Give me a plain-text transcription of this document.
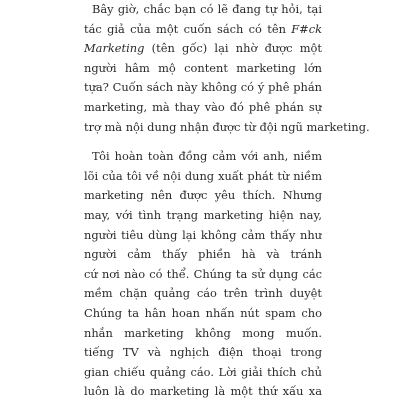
Bây giờ, chắc bạn có lẽ đang tự hỏi, tại
tác giả của một cuốn sách có tên F#ck
Marketing (tên gốc) lại nhờ được một
người hâm mộ content marketing lớn
tựa? Cuốn sách này không có ý phê phán
marketing, mà thay vào đó phê phán sự
trợ mà nội dung nhận được từ đội ngũ marketing.
Tôi hoàn toàn đồng cảm với anh, niềm
lõi của tôi về nội dung xuất phát từ niềm
marketing nên được yêu thích. Nhưng
may, với tình trạng marketing hiện nay,
người tiêu dùng lại không cảm thấy như
người cảm thấy phiền hà và tránh
cứ nơi nào có thể. Chúng ta sử dụng các
mềm chặn quảng cáo trên trình duyệt
Chúng ta hân hoan nhấn nút spam cho
nhắn marketing không mong muốn.
tiếng TV và nghịch điện thoại trong
gian chiếu quảng cáo. Lời giải thích chủ
luôn là do marketing là một thứ xấu xa
